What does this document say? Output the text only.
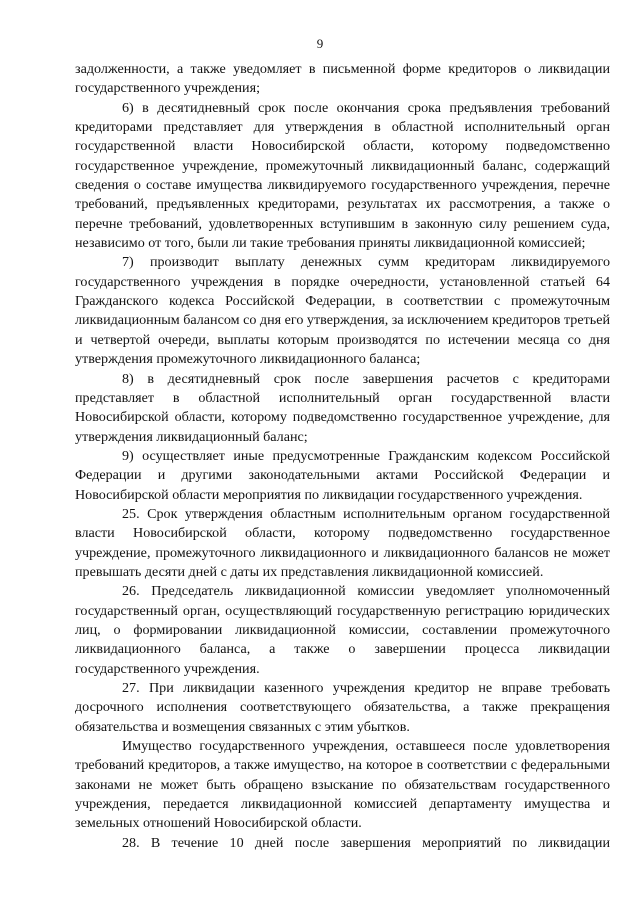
9

задолженности, а также уведомляет в письменной форме кредиторов о ликвидации государственного учреждения;

6) в десятидневный срок после окончания срока предъявления требований кредиторами представляет для утверждения в областной исполнительный орган государственной власти Новосибирской области, которому подведомственно государственное учреждение, промежуточный ликвидационный баланс, содержащий сведения о составе имущества ликвидируемого государственного учреждения, перечне требований, предъявленных кредиторами, результатах их рассмотрения, а также о перечне требований, удовлетворенных вступившим в законную силу решением суда, независимо от того, были ли такие требования приняты ликвидационной комиссией;

7) производит выплату денежных сумм кредиторам ликвидируемого государственного учреждения в порядке очередности, установленной статьей 64 Гражданского кодекса Российской Федерации, в соответствии с промежуточным ликвидационным балансом со дня его утверждения, за исключением кредиторов третьей и четвертой очереди, выплаты которым производятся по истечении месяца со дня утверждения промежуточного ликвидационного баланса;

8) в десятидневный срок после завершения расчетов с кредиторами представляет в областной исполнительный орган государственной власти Новосибирской области, которому подведомственно государственное учреждение, для утверждения ликвидационный баланс;

9) осуществляет иные предусмотренные Гражданским кодексом Российской Федерации и другими законодательными актами Российской Федерации и Новосибирской области мероприятия по ликвидации государственного учреждения.

25. Срок утверждения областным исполнительным органом государственной власти Новосибирской области, которому подведомственно государственное учреждение, промежуточного ликвидационного и ликвидационного балансов не может превышать десяти дней с даты их представления ликвидационной комиссией.

26. Председатель ликвидационной комиссии уведомляет уполномоченный государственный орган, осуществляющий государственную регистрацию юридических лиц, о формировании ликвидационной комиссии, составлении промежуточного ликвидационного баланса, а также о завершении процесса ликвидации государственного учреждения.

27. При ликвидации казенного учреждения кредитор не вправе требовать досрочного исполнения соответствующего обязательства, а также прекращения обязательства и возмещения связанных с этим убытков.

Имущество государственного учреждения, оставшееся после удовлетворения требований кредиторов, а также имущество, на которое в соответствии с федеральными законами не может быть обращено взыскание по обязательствам государственного учреждения, передается ликвидационной комиссией департаменту имущества и земельных отношений Новосибирской области.

28. В течение 10 дней после завершения мероприятий по ликвидации
